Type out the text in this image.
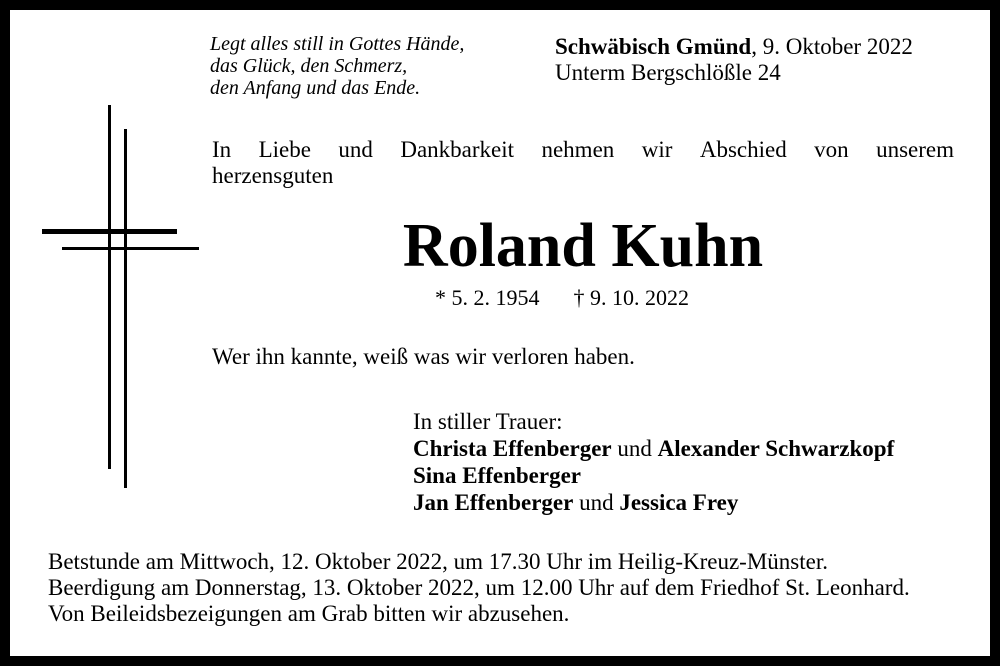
Legt alles still in Gottes Hände,
das Glück, den Schmerz,
den Anfang und das Ende.
Schwäbisch Gmünd, 9. Oktober 2022
Unterm Bergschlößle 24
In Liebe und Dankbarkeit nehmen wir Abschied von unserem
herzensguten
Roland Kuhn
* 5. 2. 1954 † 9. 10. 2022
Wer ihn kannte, weiß was wir verloren haben.
In stiller Trauer:
Christa Effenberger und Alexander Schwarzkopf
Sina Effenberger
Jan Effenberger und Jessica Frey
Betstunde am Mittwoch, 12. Oktober 2022, um 17.30 Uhr im Heilig-Kreuz-Münster.
Beerdigung am Donnerstag, 13. Oktober 2022, um 12.00 Uhr auf dem Friedhof St. Leonhard.
Von Beileidsbezeigungen am Grab bitten wir abzusehen.
